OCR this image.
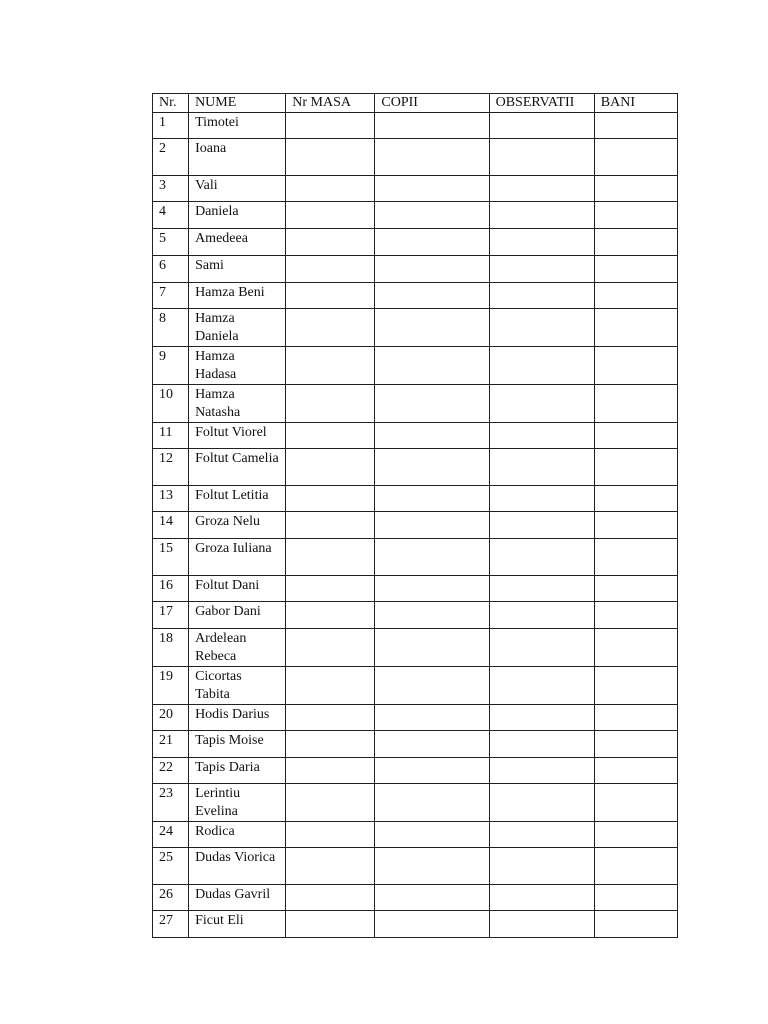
Nr.	NUME	Nr MASA	COPII	OBSERVATII	BANI
1	Timotei				
2	Ioana				
3	Vali				
4	Daniela				
5	Amedeea				
6	Sami				
7	Hamza Beni				
8	Hamza Daniela				
9	Hamza Hadasa				
10	Hamza Natasha				
11	Foltut Viorel				
12	Foltut Camelia				
13	Foltut Letitia				
14	Groza Nelu				
15	Groza Iuliana				
16	Foltut Dani				
17	Gabor Dani				
18	Ardelean Rebeca				
19	Cicortas Tabita				
20	Hodis Darius				
21	Tapis Moise				
22	Tapis Daria				
23	Lerintiu Evelina				
24	Rodica				
25	Dudas Viorica				
26	Dudas Gavril				
27	Ficut Eli				
